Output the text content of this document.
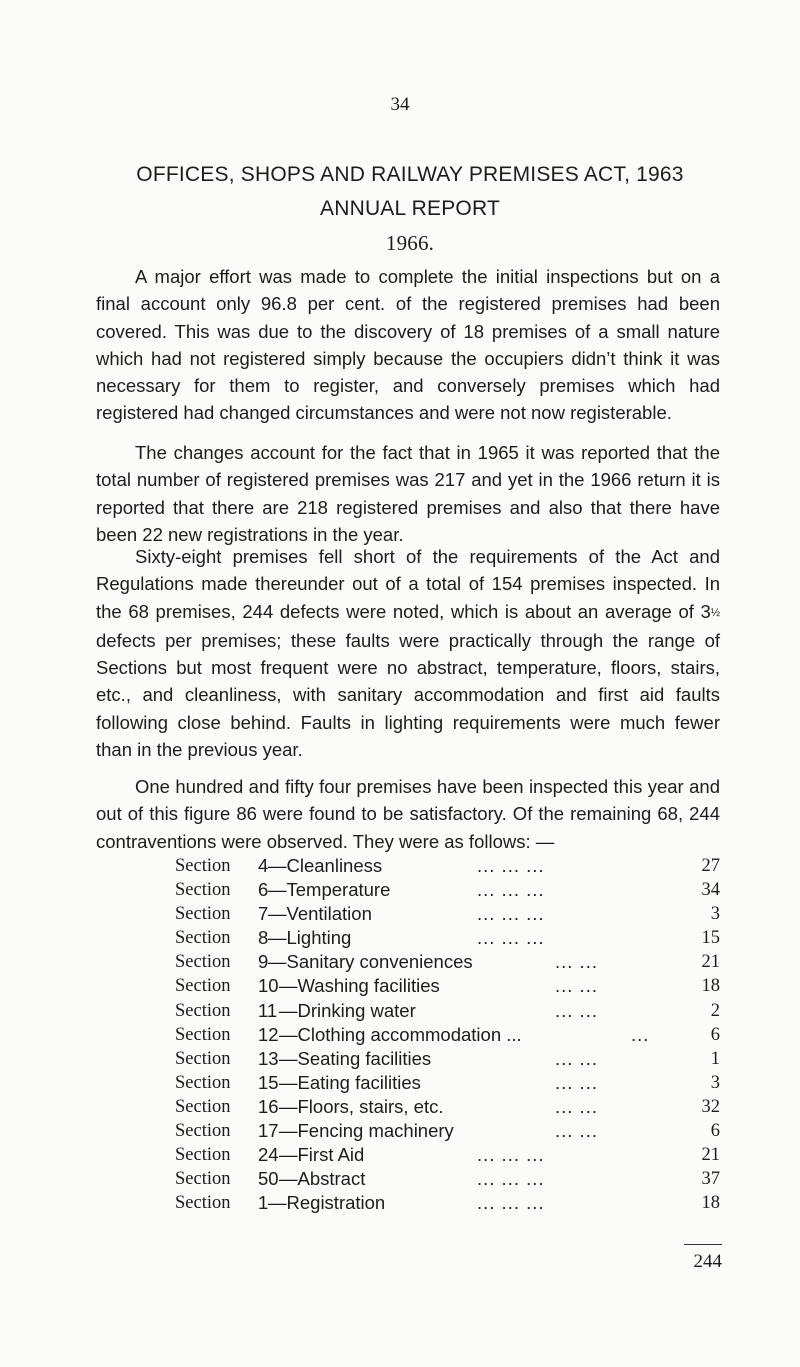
34
OFFICES, SHOPS AND RAILWAY PREMISES ACT, 1963
ANNUAL REPORT
1966.

A major effort was made to complete the initial inspections but on a final account only 96.8 per cent. of the registered premises had been covered. This was due to the discovery of 18 premises of a small nature which had not registered simply because the occupiers didn’t think it was necessary for them to register, and conversely premises which had registered had changed circumstances and were not now registerable.

The changes account for the fact that in 1965 it was reported that the total number of registered premises was 217 and yet in the 1966 return it is reported that there are 218 registered premises and also that there have been 22 new registrations in the year.

Sixty-eight premises fell short of the requirements of the Act and Regulations made thereunder out of a total of 154 premises inspected. In the 68 premises, 244 defects were noted, which is about an average of 3½ defects per premises; these faults were practically through the range of Sections but most frequent were no abstract, temperature, floors, stairs, etc., and cleanliness, with sanitary accommodation and first aid faults following close behind. Faults in lighting requirements were much fewer than in the previous year.

One hundred and fifty four premises have been inspected this year and out of this figure 86 were found to be satisfactory. Of the remaining 68, 244 contraventions were observed. They were as follows: —

Section 4 —Cleanliness	... ... ...	27
Section 6 —Temperature	... ... ...	34
Section 7 —Ventilation	... ... ...	3
Section 8 —Lighting	... ... ...	15
Section 9 —Sanitary conveniences	... ...	21
Section 10 —Washing facilities	... ...	18
Section 11 —Drinking water	... ...	2
Section 12 —Clothing accommodation ...	...	6
Section 13 —Seating facilities	... ...	1
Section 15 —Eating facilities	... ...	3
Section 16 —Floors, stairs, etc.	... ...	32
Section 17 —Fencing machinery	... ...	6
Section 24 —First Aid	... ... ...	21
Section 50 —Abstract	... ... ...	37
Section 1 —Registration	... ... ...	18
244
